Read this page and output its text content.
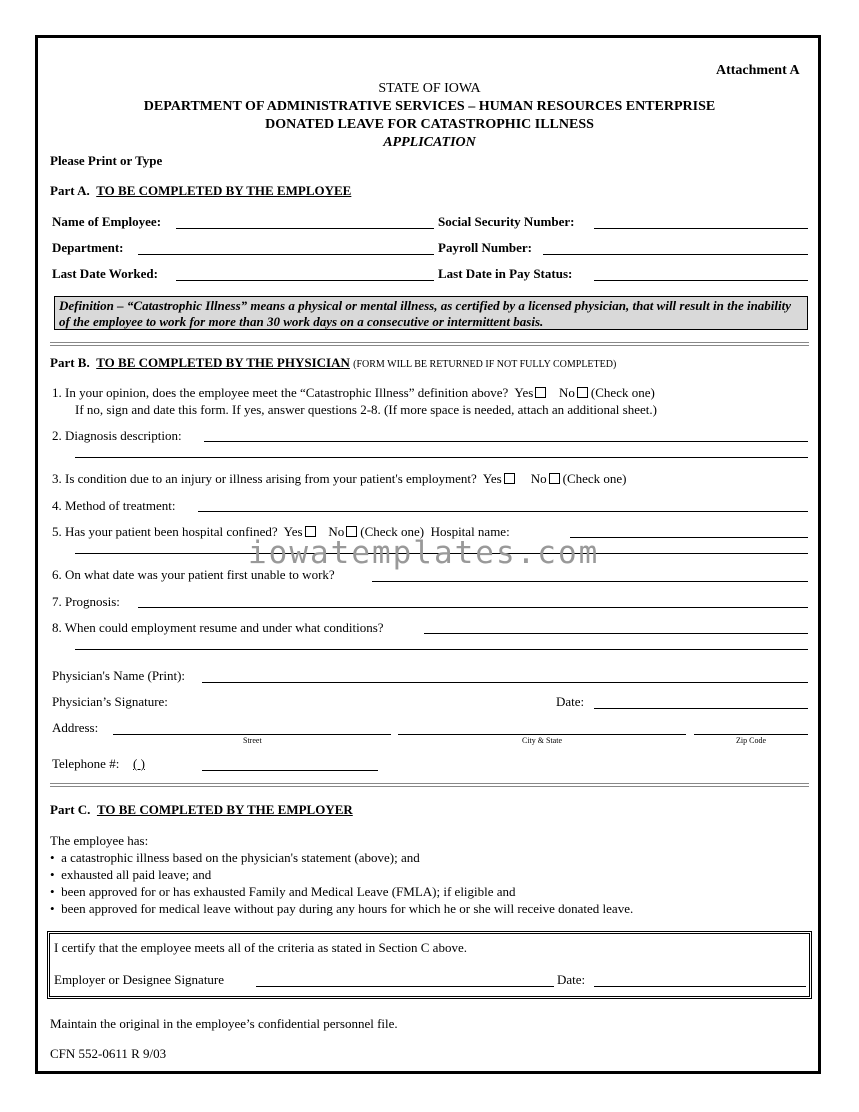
Attachment A
STATE OF IOWA
DEPARTMENT OF ADMINISTRATIVE SERVICES – HUMAN RESOURCES ENTERPRISE
DONATED LEAVE FOR CATASTROPHIC ILLNESS
APPLICATION
Please Print or Type
Part A. TO BE COMPLETED BY THE EMPLOYEE
Name of Employee:	Social Security Number:
Department:	Payroll Number:
Last Date Worked:	Last Date in Pay Status:
Definition – “Catastrophic Illness” means a physical or mental illness, as certified by a licensed physician, that will result in the inability of the employee to work for more than 30 work days on a consecutive or intermittent basis.
Part B. TO BE COMPLETED BY THE PHYSICIAN (FORM WILL BE RETURNED IF NOT FULLY COMPLETED)
1. In your opinion, does the employee meet the “Catastrophic Illness” definition above? Yes No (Check one)
If no, sign and date this form. If yes, answer questions 2-8. (If more space is needed, attach an additional sheet.)
2. Diagnosis description:
3. Is condition due to an injury or illness arising from your patient's employment? Yes No (Check one)
4. Method of treatment:
5. Has your patient been hospital confined? Yes No (Check one) Hospital name:
iowatemplates.com
6. On what date was your patient first unable to work?
7. Prognosis:
8. When could employment resume and under what conditions?
Physician's Name (Print):
Physician’s Signature:	Date:
Address:
Street	City & State	Zip Code
Telephone #: ( )
Part C. TO BE COMPLETED BY THE EMPLOYER
The employee has:
•  a catastrophic illness based on the physician's statement (above); and
•  exhausted all paid leave; and
•  been approved for or has exhausted Family and Medical Leave (FMLA); if eligible and
•  been approved for medical leave without pay during any hours for which he or she will receive donated leave.
I certify that the employee meets all of the criteria as stated in Section C above.
Employer or Designee Signature	Date:
Maintain the original in the employee’s confidential personnel file.
CFN 552-0611 R 9/03
